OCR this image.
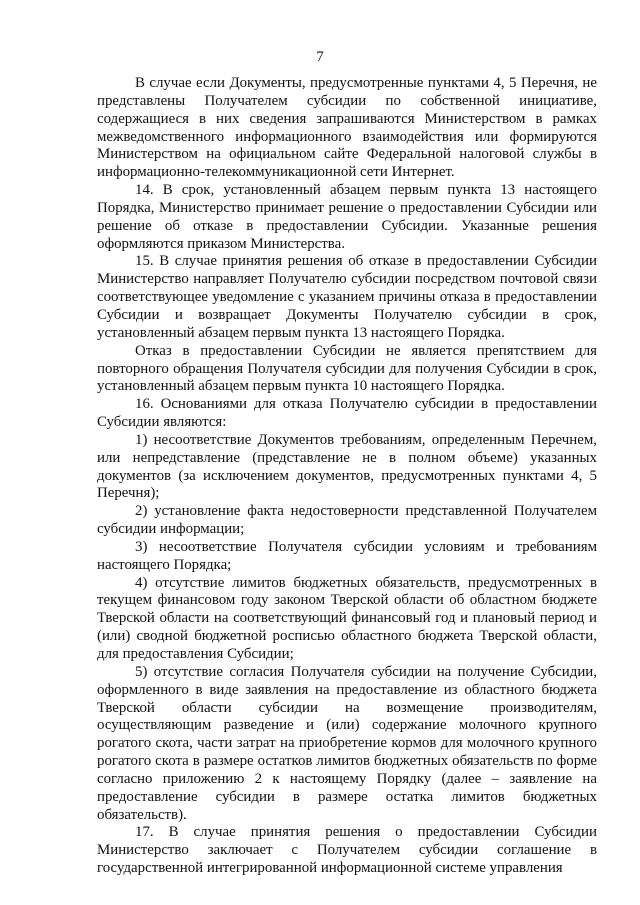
7

В случае если Документы, предусмотренные пунктами 4, 5 Перечня, не представлены Получателем субсидии по собственной инициативе, содержащиеся в них сведения запрашиваются Министерством в рамках межведомственного информационного взаимодействия или формируются Министерством на официальном сайте Федеральной налоговой службы в информационно-телекоммуникационной сети Интернет.

14. В срок, установленный абзацем первым пункта 13 настоящего Порядка, Министерство принимает решение о предоставлении Субсидии или решение об отказе в предоставлении Субсидии. Указанные решения оформляются приказом Министерства.

15. В случае принятия решения об отказе в предоставлении Субсидии Министерство направляет Получателю субсидии посредством почтовой связи соответствующее уведомление с указанием причины отказа в предоставлении Субсидии и возвращает Документы Получателю субсидии в срок, установленный абзацем первым пункта 13 настоящего Порядка.

Отказ в предоставлении Субсидии не является препятствием для повторного обращения Получателя субсидии для получения Субсидии в срок, установленный абзацем первым пункта 10 настоящего Порядка.

16. Основаниями для отказа Получателю субсидии в предоставлении Субсидии являются:

1) несоответствие Документов требованиям, определенным Перечнем, или непредставление (представление не в полном объеме) указанных документов (за исключением документов, предусмотренных пунктами 4, 5 Перечня);

2) установление факта недостоверности представленной Получателем субсидии информации;

3) несоответствие Получателя субсидии условиям и требованиям настоящего Порядка;

4) отсутствие лимитов бюджетных обязательств, предусмотренных в текущем финансовом году законом Тверской области об областном бюджете Тверской области на соответствующий финансовый год и плановый период и (или) сводной бюджетной росписью областного бюджета Тверской области, для предоставления Субсидии;

5) отсутствие согласия Получателя субсидии на получение Субсидии, оформленного в виде заявления на предоставление из областного бюджета Тверской области субсидии на возмещение производителям, осуществляющим разведение и (или) содержание молочного крупного рогатого скота, части затрат на приобретение кормов для молочного крупного рогатого скота в размере остатков лимитов бюджетных обязательств по форме согласно приложению 2 к настоящему Порядку (далее – заявление на предоставление субсидии в размере остатка лимитов бюджетных обязательств).

17. В случае принятия решения о предоставлении Субсидии Министерство заключает с Получателем субсидии соглашение в государственной интегрированной информационной системе управления
